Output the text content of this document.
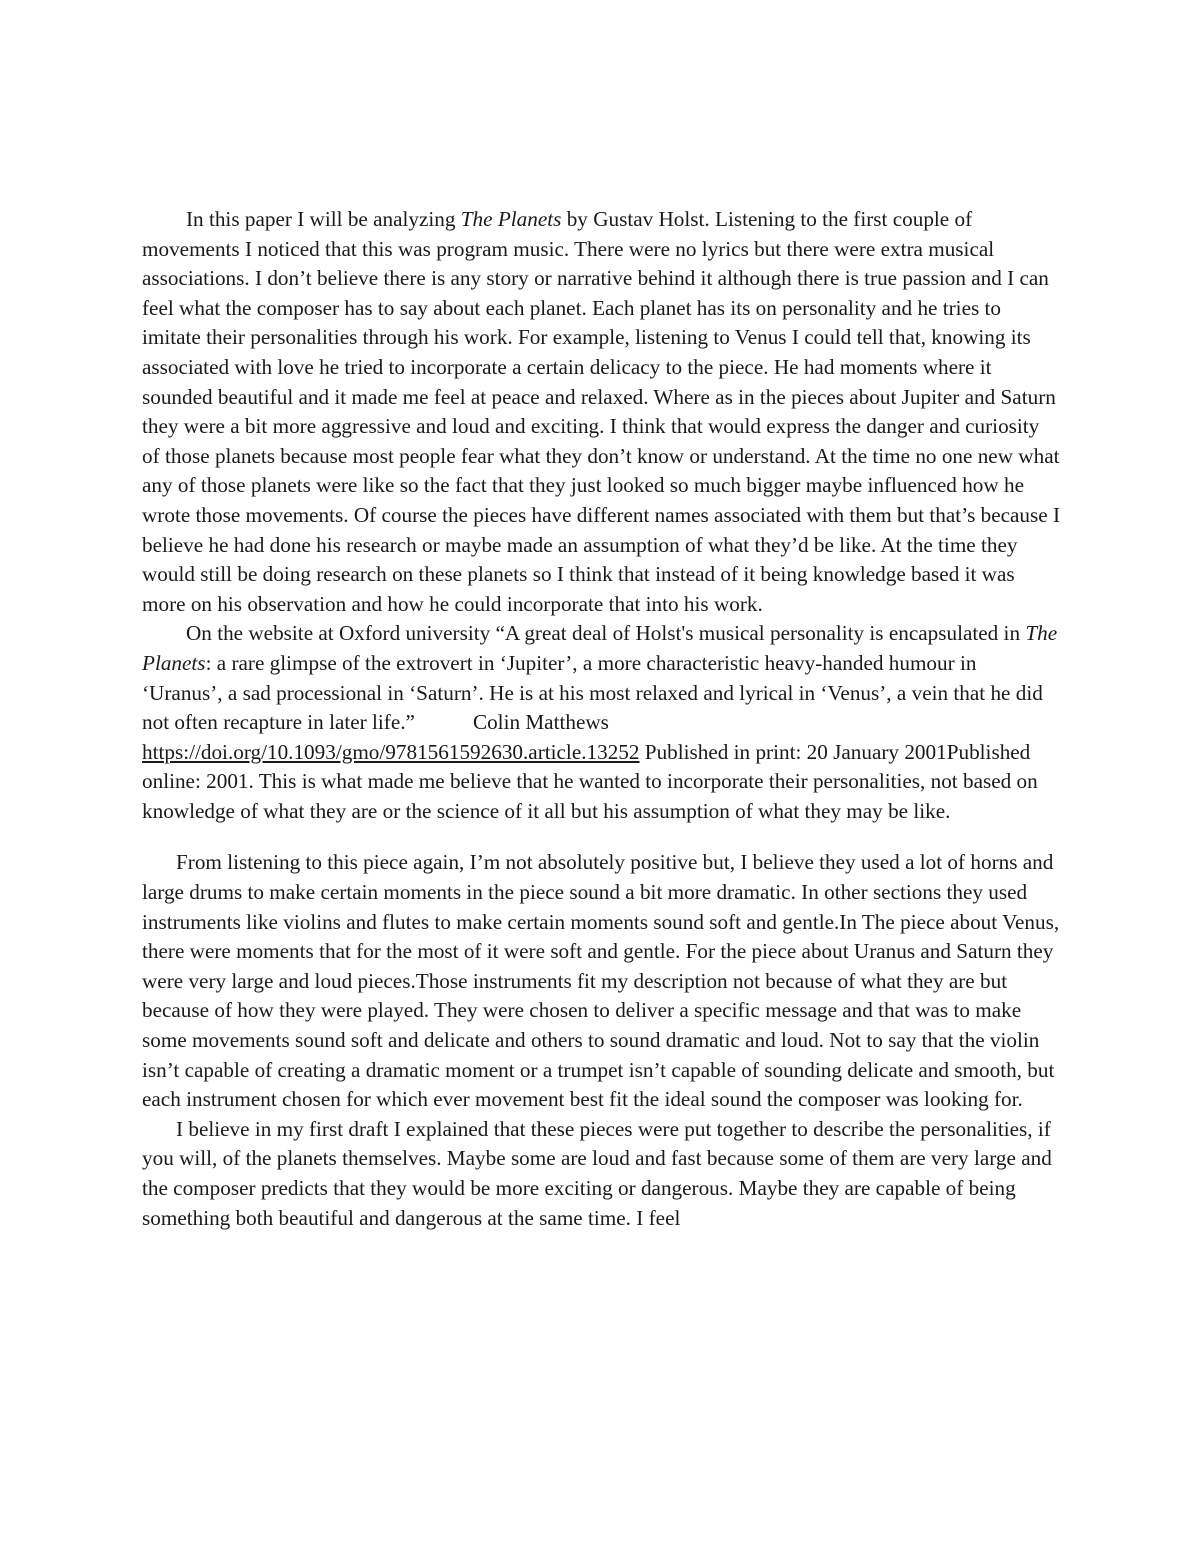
In this paper I will be analyzing The Planets by Gustav Holst. Listening to the first couple of movements I noticed that this was program music. There were no lyrics but there were extra musical associations. I don’t believe there is any story or narrative behind it although there is true passion and I can feel what the composer has to say about each planet. Each planet has its on personality and he tries to imitate their personalities through his work. For example, listening to Venus I could tell that, knowing its associated with love he tried to incorporate a certain delicacy to the piece. He had moments where it sounded beautiful and it made me feel at peace and relaxed. Where as in the pieces about Jupiter and Saturn they were a bit more aggressive and loud and exciting. I think that would express the danger and curiosity of those planets because most people fear what they don’t know or understand. At the time no one new what any of those planets were like so the fact that they just looked so much bigger maybe influenced how he wrote those movements. Of course the pieces have different names associated with them but that’s because I believe he had done his research or maybe made an assumption of what they’d be like. At the time they would still be doing research on these planets so I think that instead of it being knowledge based it was more on his observation and how he could incorporate that into his work.

On the website at Oxford university “A great deal of Holst's musical personality is encapsulated in The Planets: a rare glimpse of the extrovert in ‘Jupiter’, a more characteristic heavy-handed humour in ‘Uranus’, a sad processional in ‘Saturn’. He is at his most relaxed and lyrical in ‘Venus’, a vein that he did not often recapture in later life.”	Colin Matthews https://doi.org/10.1093/gmo/9781561592630.article.13252 Published in print: 20 January 2001Published online: 2001. This is what made me believe that he wanted to incorporate their personalities, not based on knowledge of what they are or the science of it all but his assumption of what they may be like.

From listening to this piece again, I’m not absolutely positive but, I believe they used a lot of horns and large drums to make certain moments in the piece sound a bit more dramatic. In other sections they used instruments like violins and flutes to make certain moments sound soft and gentle.In The piece about Venus, there were moments that for the most of it were soft and gentle. For the piece about Uranus and Saturn they were very large and loud pieces.Those instruments fit my description not because of what they are but because of how they were played. They were chosen to deliver a specific message and that was to make some movements sound soft and delicate and others to sound dramatic and loud. Not to say that the violin isn’t capable of creating a dramatic moment or a trumpet isn’t capable of sounding delicate and smooth, but each instrument chosen for which ever movement best fit the ideal sound the composer was looking for.

I believe in my first draft I explained that these pieces were put together to describe the personalities, if you will, of the planets themselves. Maybe some are loud and fast because some of them are very large and the composer predicts that they would be more exciting or dangerous. Maybe they are capable of being something both beautiful and dangerous at the same time. I feel
